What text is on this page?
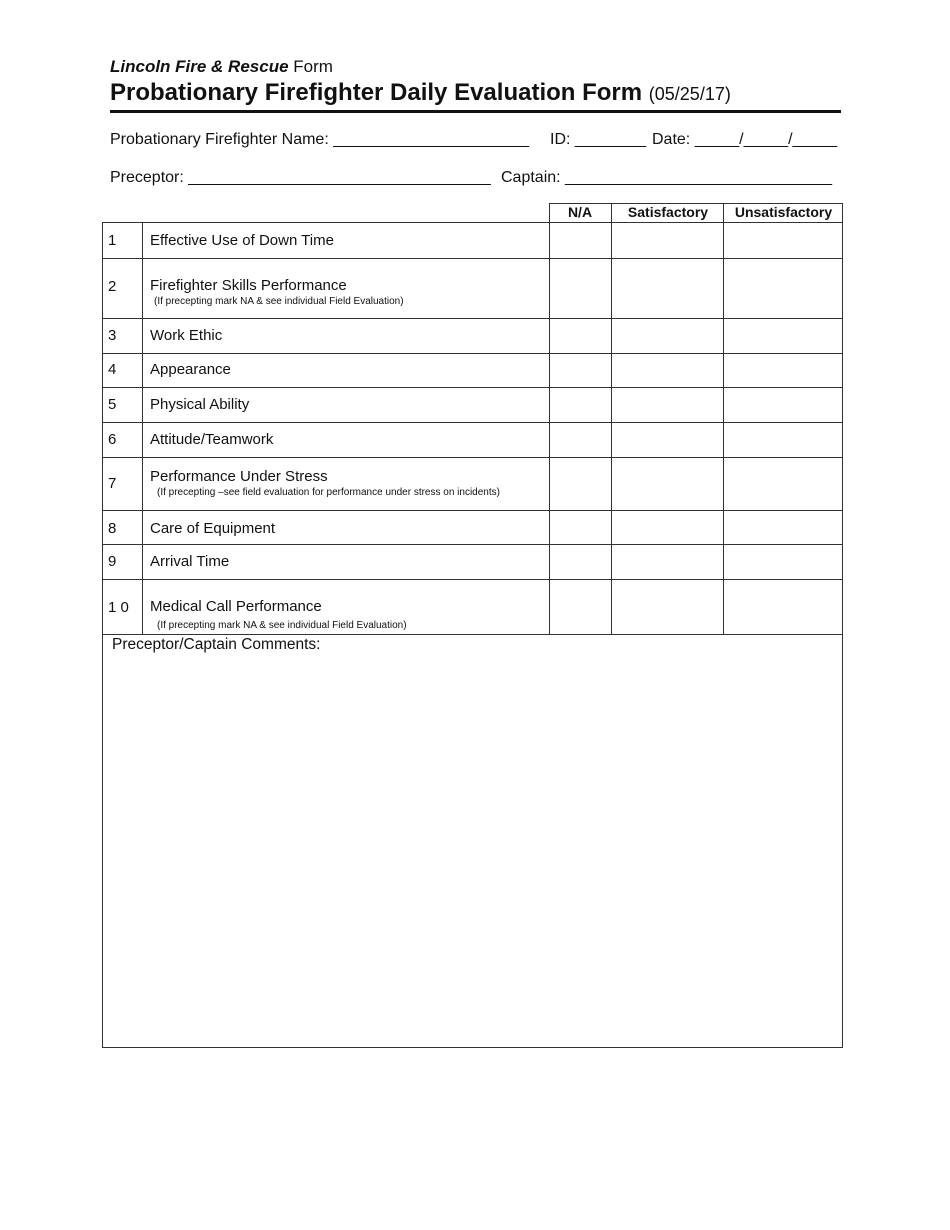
Lincoln Fire & Rescue Form
Probationary Firefighter Daily Evaluation Form (05/25/17)
Probationary Firefighter Name: ______________________ ID: ________ Date: _____/_____/_____
Preceptor: __________________________________ Captain: ______________________________
N/A	Satisfactory	Unsatisfactory
1 Effective Use of Down Time
2 Firefighter Skills Performance
(If precepting mark NA & see individual Field Evaluation)
3 Work Ethic
4 Appearance
5 Physical Ability
6 Attitude/Teamwork
7 Performance Under Stress
(If precepting –see field evaluation for performance under stress on incidents)
8 Care of Equipment
9 Arrival Time
1 0 Medical Call Performance
(If precepting mark NA & see individual Field Evaluation)
Preceptor/Captain Comments:
